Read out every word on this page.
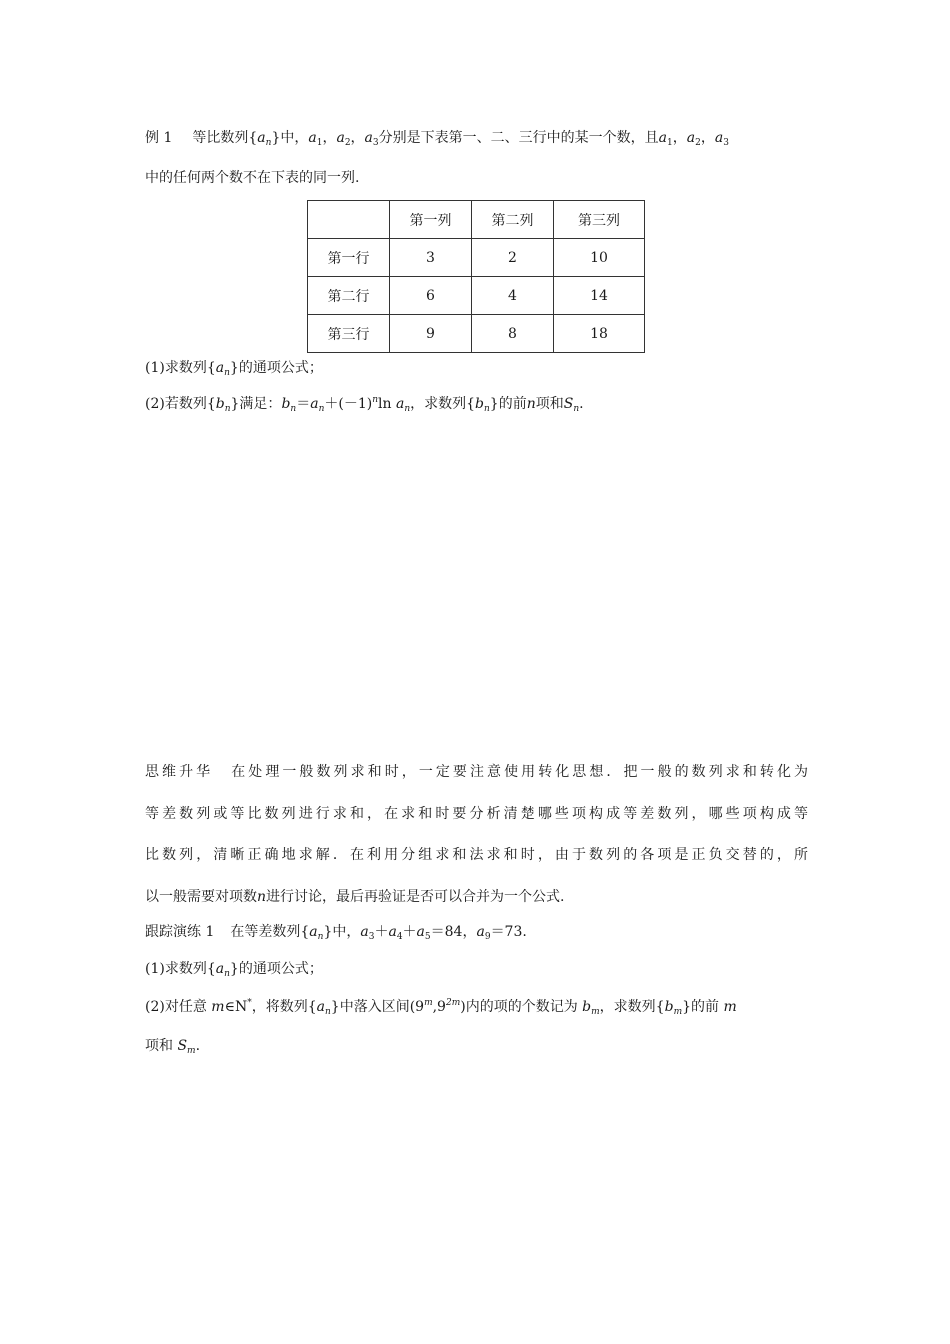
例 1 等比数列$\{a_n\}$中，$a_1$，$a_2$，$a_3$分别是下表第一、二、三行中的某一个数，且$a_1$，$a_2$，$a_3$
中的任何两个数不在下表的同一列.
	第一列	第二列	第三列
第一行	3	2	10
第二行	6	4	14
第三行	9	8	18
(1)求数列$\{a_n\}$的通项公式；
(2)若数列$\{b_n\}$满足：$b_n=a_n+(-1)^n\ln$ $a_n$，求数列$\{b_n\}$的前n项和$S_n$.
思维升华 在处理一般数列求和时，一定要注意使用转化思想．把一般的数列求和转化为
等差数列或等比数列进行求和，在求和时要分析清楚哪些项构成等差数列，哪些项构成等
比数列，清晰正确地求解．在利用分组求和法求和时，由于数列的各项是正负交替的，所
以一般需要对项数n进行讨论，最后再验证是否可以合并为一个公式.
跟踪演练 1 在等差数列$\{a_n\}$中，$a_3+a_4+a_5=84$，$a_9=73$.
(1)求数列$\{a_n\}$的通项公式；
(2)对任意 m∈N*，将数列$\{a_n\}$中落入区间$(9^m,9^{2m})$内的项的个数记为 $b_m$，求数列$\{b_m\}$的前 m
项和 $S_m$.
